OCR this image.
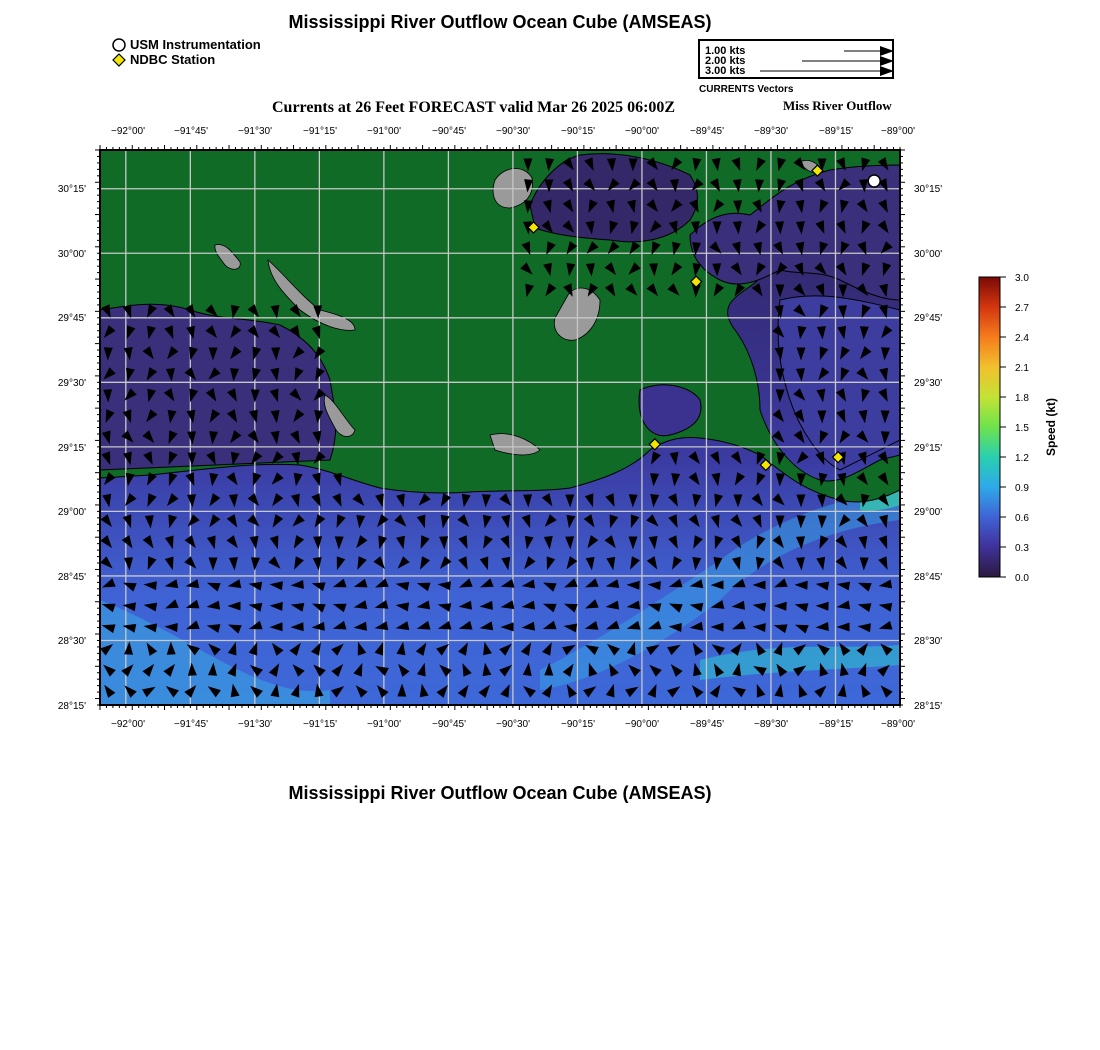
Mississippi River Outflow Ocean Cube (AMSEAS)
USM Instrumentation
NDBC Station
1.00 kts
2.00 kts
3.00 kts
CURRENTS Vectors
Currents at 26 Feet FORECAST valid Mar 26 2025 06:00Z	Miss River Outflow
−92°00'	−91°45'	−91°30'	−91°15'	−91°00'	−90°45'	−90°30'	−90°15'	−90°00'	−89°45'	−89°30'	−89°15'	−89°00'
−92°00'	−91°45'	−91°30'	−91°15'	−91°00'	−90°45'	−90°30'	−90°15'	−90°00'	−89°45'	−89°30'	−89°15'	−89°00'
30°15'
30°00'
29°45'
29°30'
29°15'
29°00'
28°45'
28°30'
28°15'
30°15'
30°00'
29°45'
29°30'
29°15'
29°00'
28°45'
28°30'
28°15'
3.0
2.7
2.4
2.1
1.8
1.5
1.2
0.9
0.6
0.3
0.0
Speed (kt)
Mississippi River Outflow Ocean Cube (AMSEAS)
